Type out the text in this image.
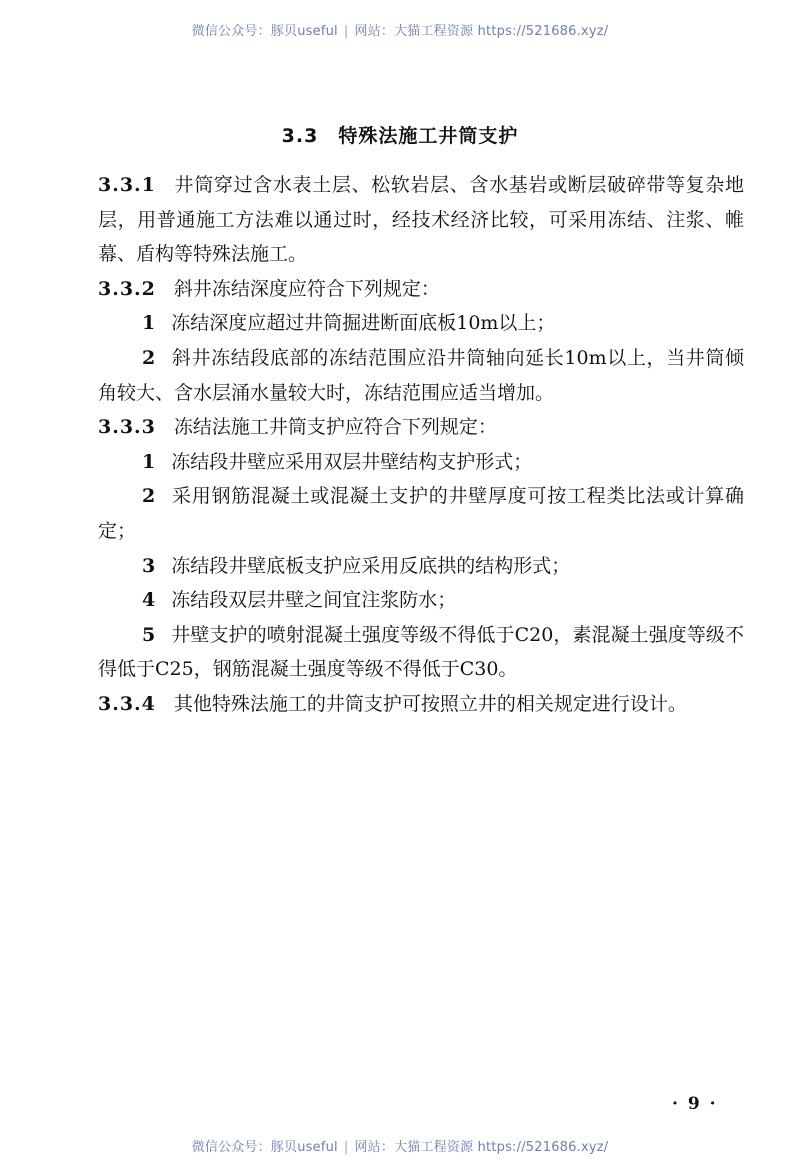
微信公众号：豚贝useful | 网站：大猫工程资源 https://521686.xyz/
3.3 特殊法施工井筒支护

3.3.1 井筒穿过含水表土层、松软岩层、含水基岩或断层破碎带等复杂地层，用普通施工方法难以通过时，经技术经济比较，可采用冻结、注浆、帷幕、盾构等特殊法施工。

3.3.2 斜井冻结深度应符合下列规定：

1 冻结深度应超过井筒掘进断面底板10m以上；

2 斜井冻结段底部的冻结范围应沿井筒轴向延长10m以上，当井筒倾角较大、含水层涌水量较大时，冻结范围应适当增加。

3.3.3 冻结法施工井筒支护应符合下列规定：

1 冻结段井壁应采用双层井壁结构支护形式；

2 采用钢筋混凝土或混凝土支护的井壁厚度可按工程类比法或计算确定；

3 冻结段井壁底板支护应采用反底拱的结构形式；

4 冻结段双层井壁之间宜注浆防水；

5 井壁支护的喷射混凝土强度等级不得低于C20，素混凝土强度等级不得低于C25，钢筋混凝土强度等级不得低于C30。

3.3.4 其他特殊法施工的井筒支护可按照立井的相关规定进行设计。

· 9 ·
微信公众号：豚贝useful | 网站：大猫工程资源 https://521686.xyz/
